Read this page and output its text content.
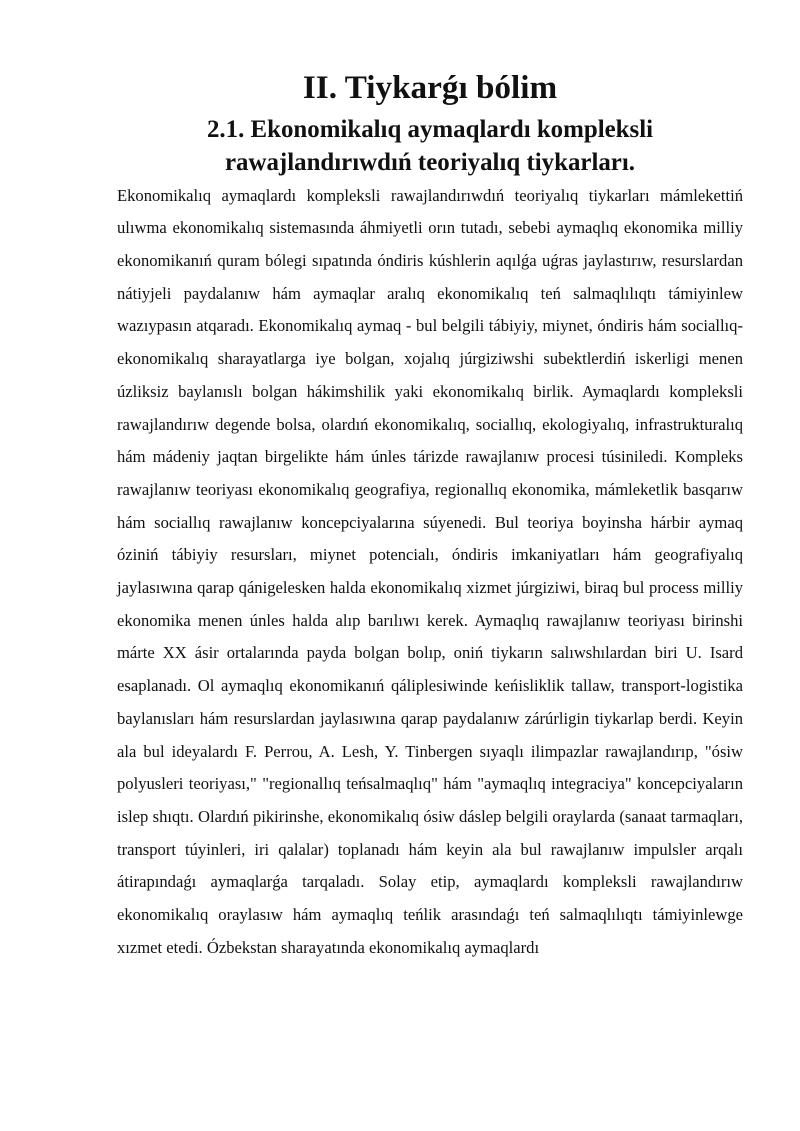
II. Tiykarǵı bólim
2.1. Ekonomikalıq aymaqlardı kompleksli rawajlandırıwdıń teoriyalıq tiykarları.

Ekonomikalıq aymaqlardı kompleksli rawajlandırıwdıń teoriyalıq tiykarları mámlekettiń ulıwma ekonomikalıq sistemasında áhmiyetli orın tutadı, sebebi aymaqlıq ekonomika milliy ekonomikanıń quram bólegi sıpatında óndiris kúshlerin aqılǵa uǵras jaylastırıw, resurslardan nátiyjeli paydalanıw hám aymaqlar aralıq ekonomikalıq teń salmaqlılıqtı támiyinlew wazıypasın atqaradı. Ekonomikalıq aymaq - bul belgili tábiyiy, miynet, óndiris hám sociallıq-ekonomikalıq sharayatlarga iye bolgan, xojalıq júrgiziwshi subektlerdiń iskerligi menen úzliksiz baylanıslı bolgan hákimshilik yaki ekonomikalıq birlik. Aymaqlardı kompleksli rawajlandırıw degende bolsa, olardıń ekonomikalıq, sociallıq, ekologiyalıq, infrastrukturalıq hám mádeniy jaqtan birgelikte hám únles tárizde rawajlanıw procesi túsiniledi. Kompleks rawajlanıw teoriyası ekonomikalıq geografiya, regionallıq ekonomika, mámleketlik basqarıw hám sociallıq rawajlanıw koncepciyalarına súyenedi. Bul teoriya boyinsha hárbir aymaq óziniń tábiyiy resursları, miynet potencialı, óndiris imkaniyatları hám geografiyalıq jaylasıwına qarap qánigelesken halda ekonomikalıq xizmet júrgiziwi, biraq bul process milliy ekonomika menen únles halda alıp barılıwı kerek. Aymaqlıq rawajlanıw teoriyası birinshi márte XX ásir ortalarında payda bolgan bolıp, oniń tiykarın salıwshılardan biri U. Isard esaplanadı. Ol aymaqlıq ekonomikanıń qáliplesiwinde keńisliklik tallaw, transport-logistika baylanısları hám resurslardan jaylasıwına qarap paydalanıw zárúrligin tiykarlap berdi. Keyin ala bul ideyalardı F. Perrou, A. Lesh, Y. Tinbergen sıyaqlı ilimpazlar rawajlandırıp, "ósiw polyusleri teoriyası," "regionallıq teńsalmaqlıq" hám "aymaqlıq integraciya" koncepciyaların islep shıqtı. Olardıń pikirinshe, ekonomikalıq ósiw dáslep belgili oraylarda (sanaat tarmaqları, transport túyinleri, iri qalalar) toplanadı hám keyin ala bul rawajlanıw impulsler arqalı átirapındaǵı aymaqlarǵa tarqaladı. Solay etip, aymaqlardı kompleksli rawajlandırıw ekonomikalıq oraylasıw hám aymaqlıq teńlik arasındaǵı teń salmaqlılıqtı támiyinlewge xızmet etedi. Ózbekstan sharayatında ekonomikalıq aymaqlardı
